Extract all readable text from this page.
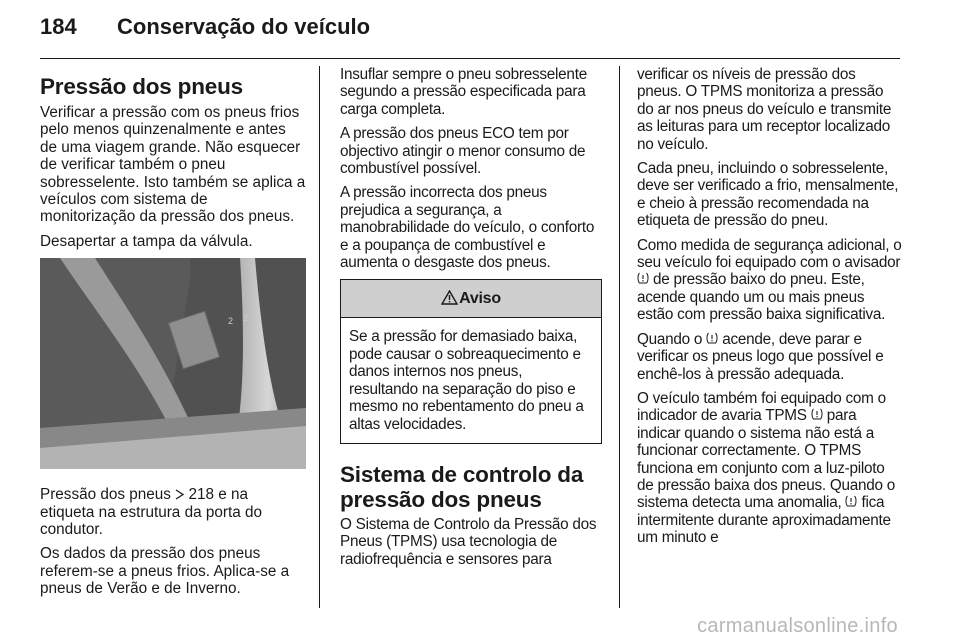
184	Conservação do veículo
Pressão dos pneus

Verificar a pressão com os pneus frios pelo menos quinzenalmente e antes de uma viagem grande. Não esquecer de verificar também o pneu sobresselente. Isto também se aplica a veículos com sistema de monitorização da pressão dos pneus.

Desapertar a tampa da válvula.

2 2

Pressão dos pneus  218 e na etiqueta na estrutura da porta do condutor.

Os dados da pressão dos pneus referem-se a pneus frios. Aplica-se a pneus de Verão e de Inverno.

Insuflar sempre o pneu sobresselente segundo a pressão especificada para carga completa.

A pressão dos pneus ECO tem por objectivo atingir o menor consumo de combustível possível.

A pressão incorrecta dos pneus prejudica a segurança, a manobrabilidade do veículo, o conforto e a poupança de combustível e aumenta o desgaste dos pneus.

Aviso
Se a pressão for demasiado baixa, pode causar o sobreaquecimento e danos internos nos pneus, resultando na separação do piso e mesmo no rebentamento do pneu a altas velocidades.
Sistema de controlo da pressão dos pneus

O Sistema de Controlo da Pressão dos Pneus (TPMS) usa tecnologia de radiofrequência e sensores para

verificar os níveis de pressão dos pneus. O TPMS monitoriza a pressão do ar nos pneus do veículo e transmite as leituras para um receptor localizado no veículo.

Cada pneu, incluindo o sobresselente, deve ser verificado a frio, mensalmente, e cheio à pressão recomendada na etiqueta de pressão do pneu.

Como medida de segurança adicional, o seu veículo foi equipado com o avisador  de pressão baixo do pneu. Este, acende quando um ou mais pneus estão com pressão baixa significativa.

Quando o  acende, deve parar e verificar os pneus logo que possível e enchê-los à pressão adequada.

O veículo também foi equipado com o indicador de avaria TPMS  para indicar quando o sistema não está a funcionar correctamente. O TPMS funciona em conjunto com a luz-piloto de pressão baixa dos pneus. Quando o sistema detecta uma anomalia,  fica intermitente durante aproximadamente um minuto e

carmanualsonline.info
